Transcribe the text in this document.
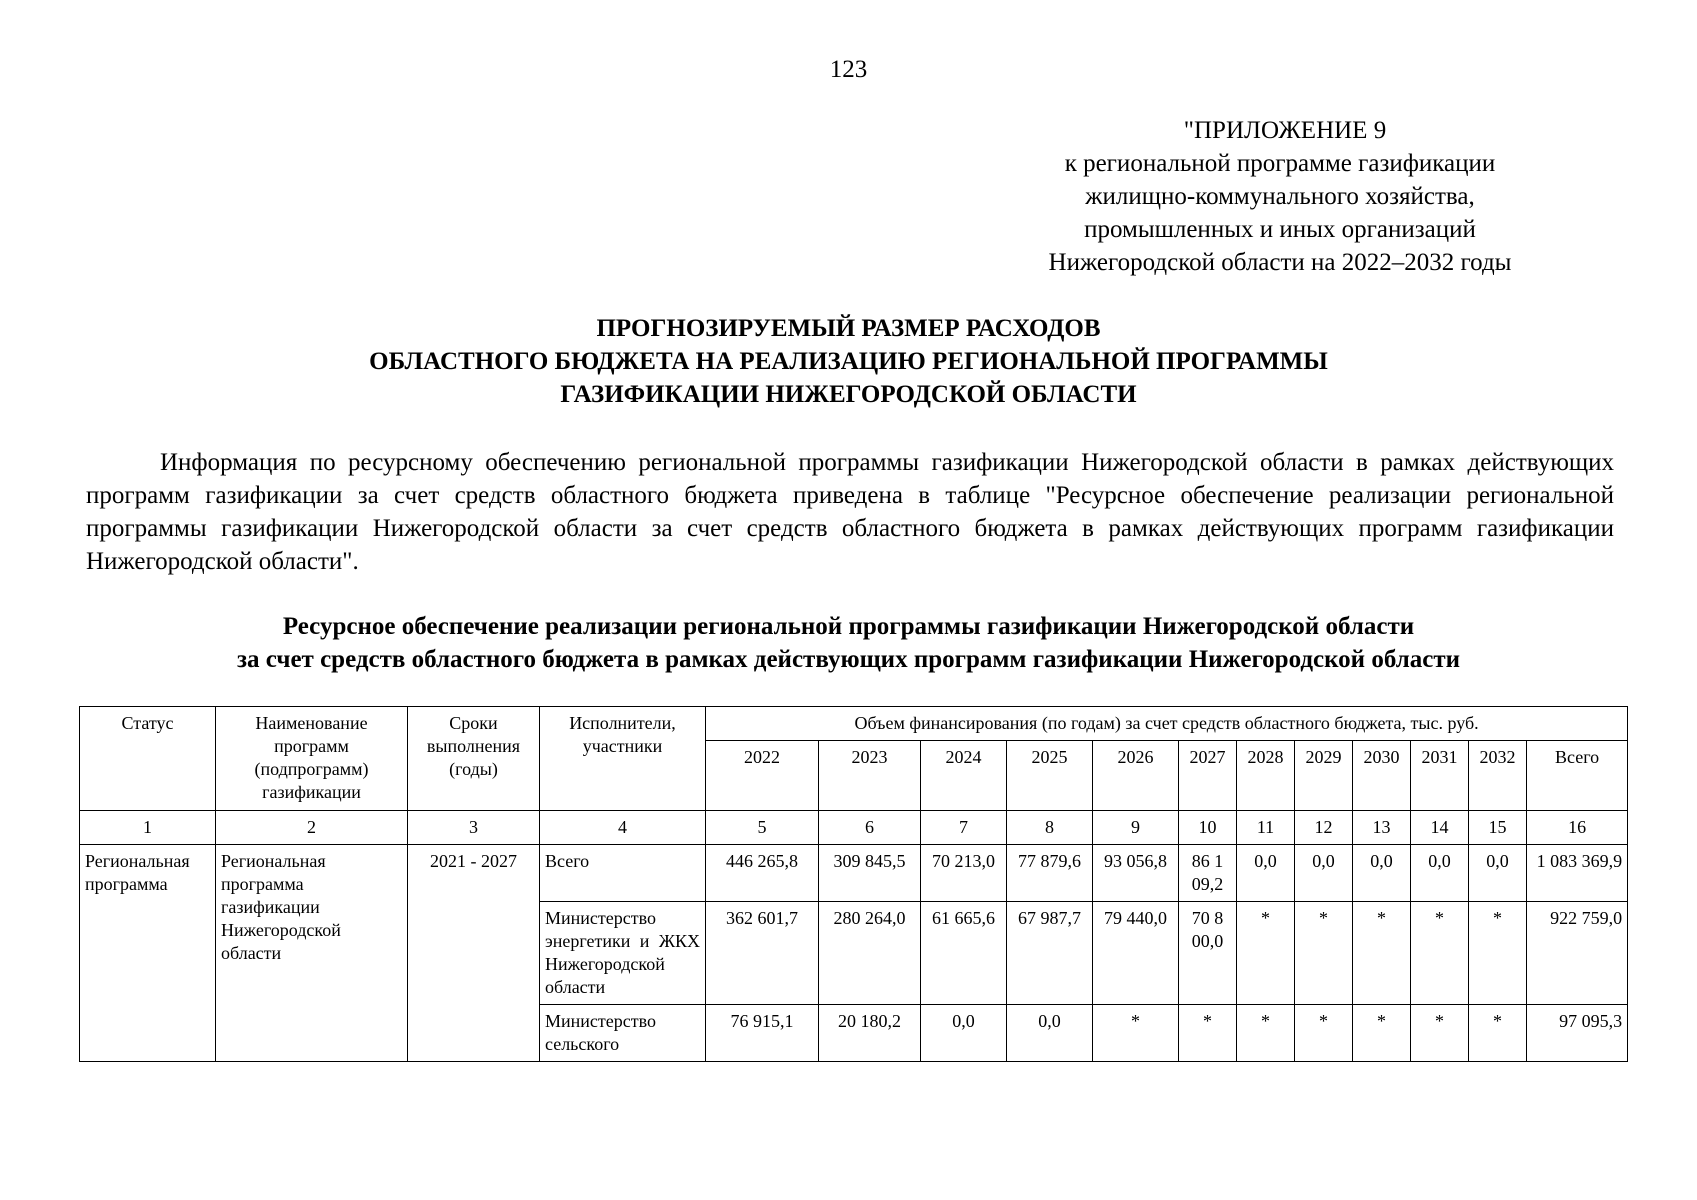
123
"ПРИЛОЖЕНИЕ 9
к региональной программе газификации
жилищно-коммунального хозяйства,
промышленных и иных организаций
Нижегородской области на 2022–2032 годы
ПРОГНОЗИРУЕМЫЙ РАЗМЕР РАСХОДОВ
ОБЛАСТНОГО БЮДЖЕТА НА РЕАЛИЗАЦИЮ РЕГИОНАЛЬНОЙ ПРОГРАММЫ
ГАЗИФИКАЦИИ НИЖЕГОРОДСКОЙ ОБЛАСТИ

Информация по ресурсному обеспечению региональной программы газификации Нижегородской области в рамках действующих программ газификации за счет средств областного бюджета приведена в таблице "Ресурсное обеспечение реализации региональной программы газификации Нижегородской области за счет средств областного бюджета в рамках действующих программ газификации Нижегородской области".

Ресурсное обеспечение реализации региональной программы газификации Нижегородской области
за счет средств областного бюджета в рамках действующих программ газификации Нижегородской области
Статус	Наименование программ (подпрограмм) газификации	Сроки выполнения (годы)	Исполнители, участники	Объем финансирования (по годам) за счет средств областного бюджета, тыс. руб.											
				2022	2023	2024	2025	2026	2027	2028	2029	2030	2031	2032	Всего
1	2	3	4	5	6	7	8	9	10	11	12	13	14	15	16
Региональная программа	Региональная программа газификации Нижегородской области	2021 - 2027	Всего	446 265,8	309 845,5	70 213,0	77 879,6	93 056,8	86 1 09,2	0,0	0,0	0,0	0,0	0,0	1 083 369,9
			Министерство энергетики и ЖКХ Нижегородской области	362 601,7	280 264,0	61 665,6	67 987,7	79 440,0	70 8 00,0	*	*	*	*	*	922 759,0
			Министерство сельского	76 915,1	20 180,2	0,0	0,0	*	*	*	*	*	*	*	97 095,3
